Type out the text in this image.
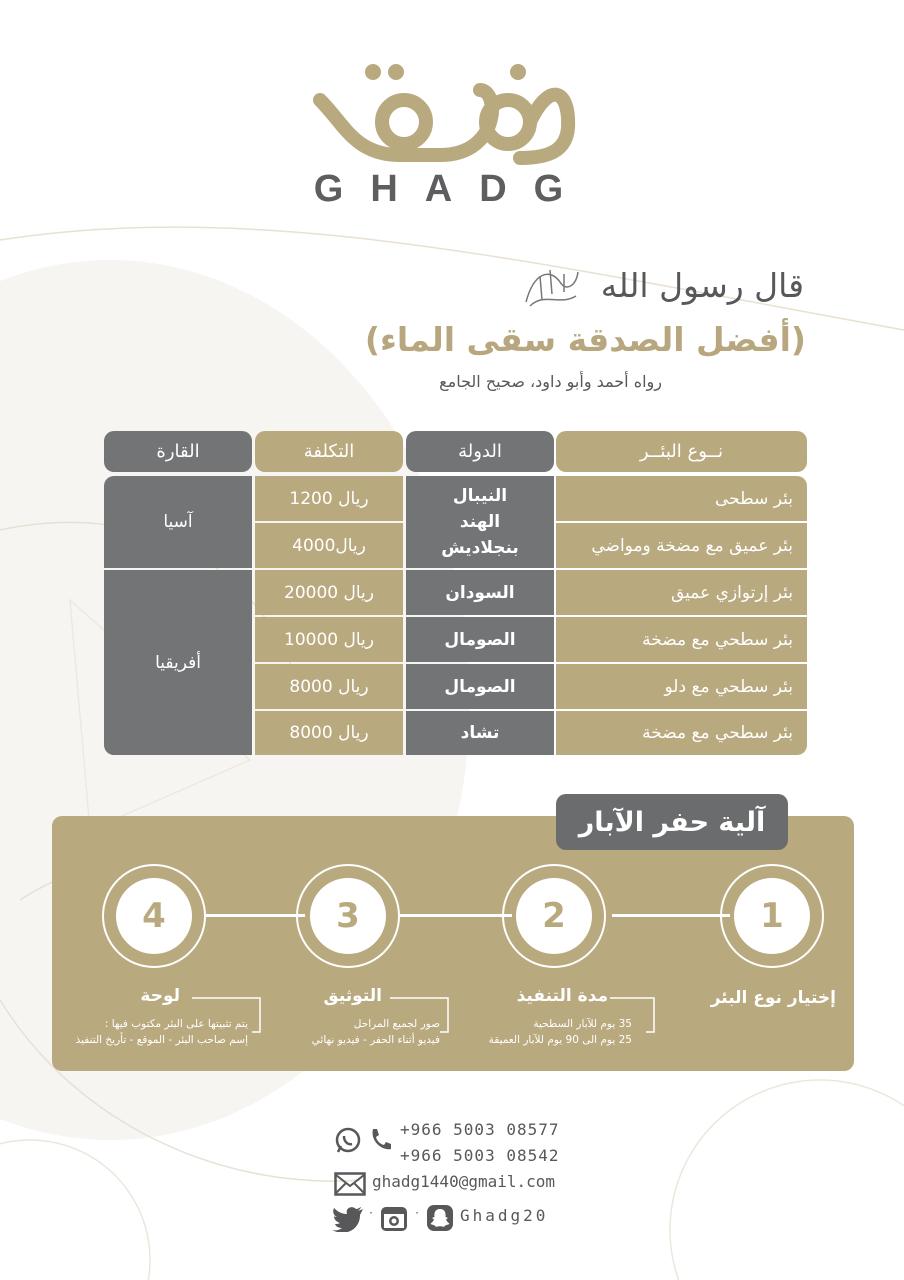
GHADG
قال رسول الله
(أفضل الصدقة سقى الماء)
رواه أحمد وأبو داود، صحيح الجامع
نــوع البئــر
الدولة
التكلفة
القارة
بئر سطحى
بئر عميق مع مضخة ومواضي
بئر إرتوازي عميق
بئر سطحي مع مضخة
بئر سطحي مع دلو
بئر سطحي مع مضخة
النيبال
الهند
بنجلاديش
السودان
الصومال
الصومال
تشاد
1200 ريال
4000ريال
20000 ريال
10000 ريال
8000 ريال
8000 ريال
آسيا
أفريقيا
آلية حفر الآبار
1
2
3
4
إختيار نوع البئر
مدة التنفيذ
35 يوم للآبار السطحية
25 يوم الى 90 يوم للآبار العميقة
التوثيق
صور لجميع المراحل
فيديو أثناء الحفر - فيديو نهائي
لوحة
يتم تثبيتها على البئر مكتوب فيها :
إسم صاحب البئر - الموقع - تأريخ التنفيذ
+966 5003 08577
+966 5003 08542
ghadg1440@gmail.com
·	· Ghadg20
